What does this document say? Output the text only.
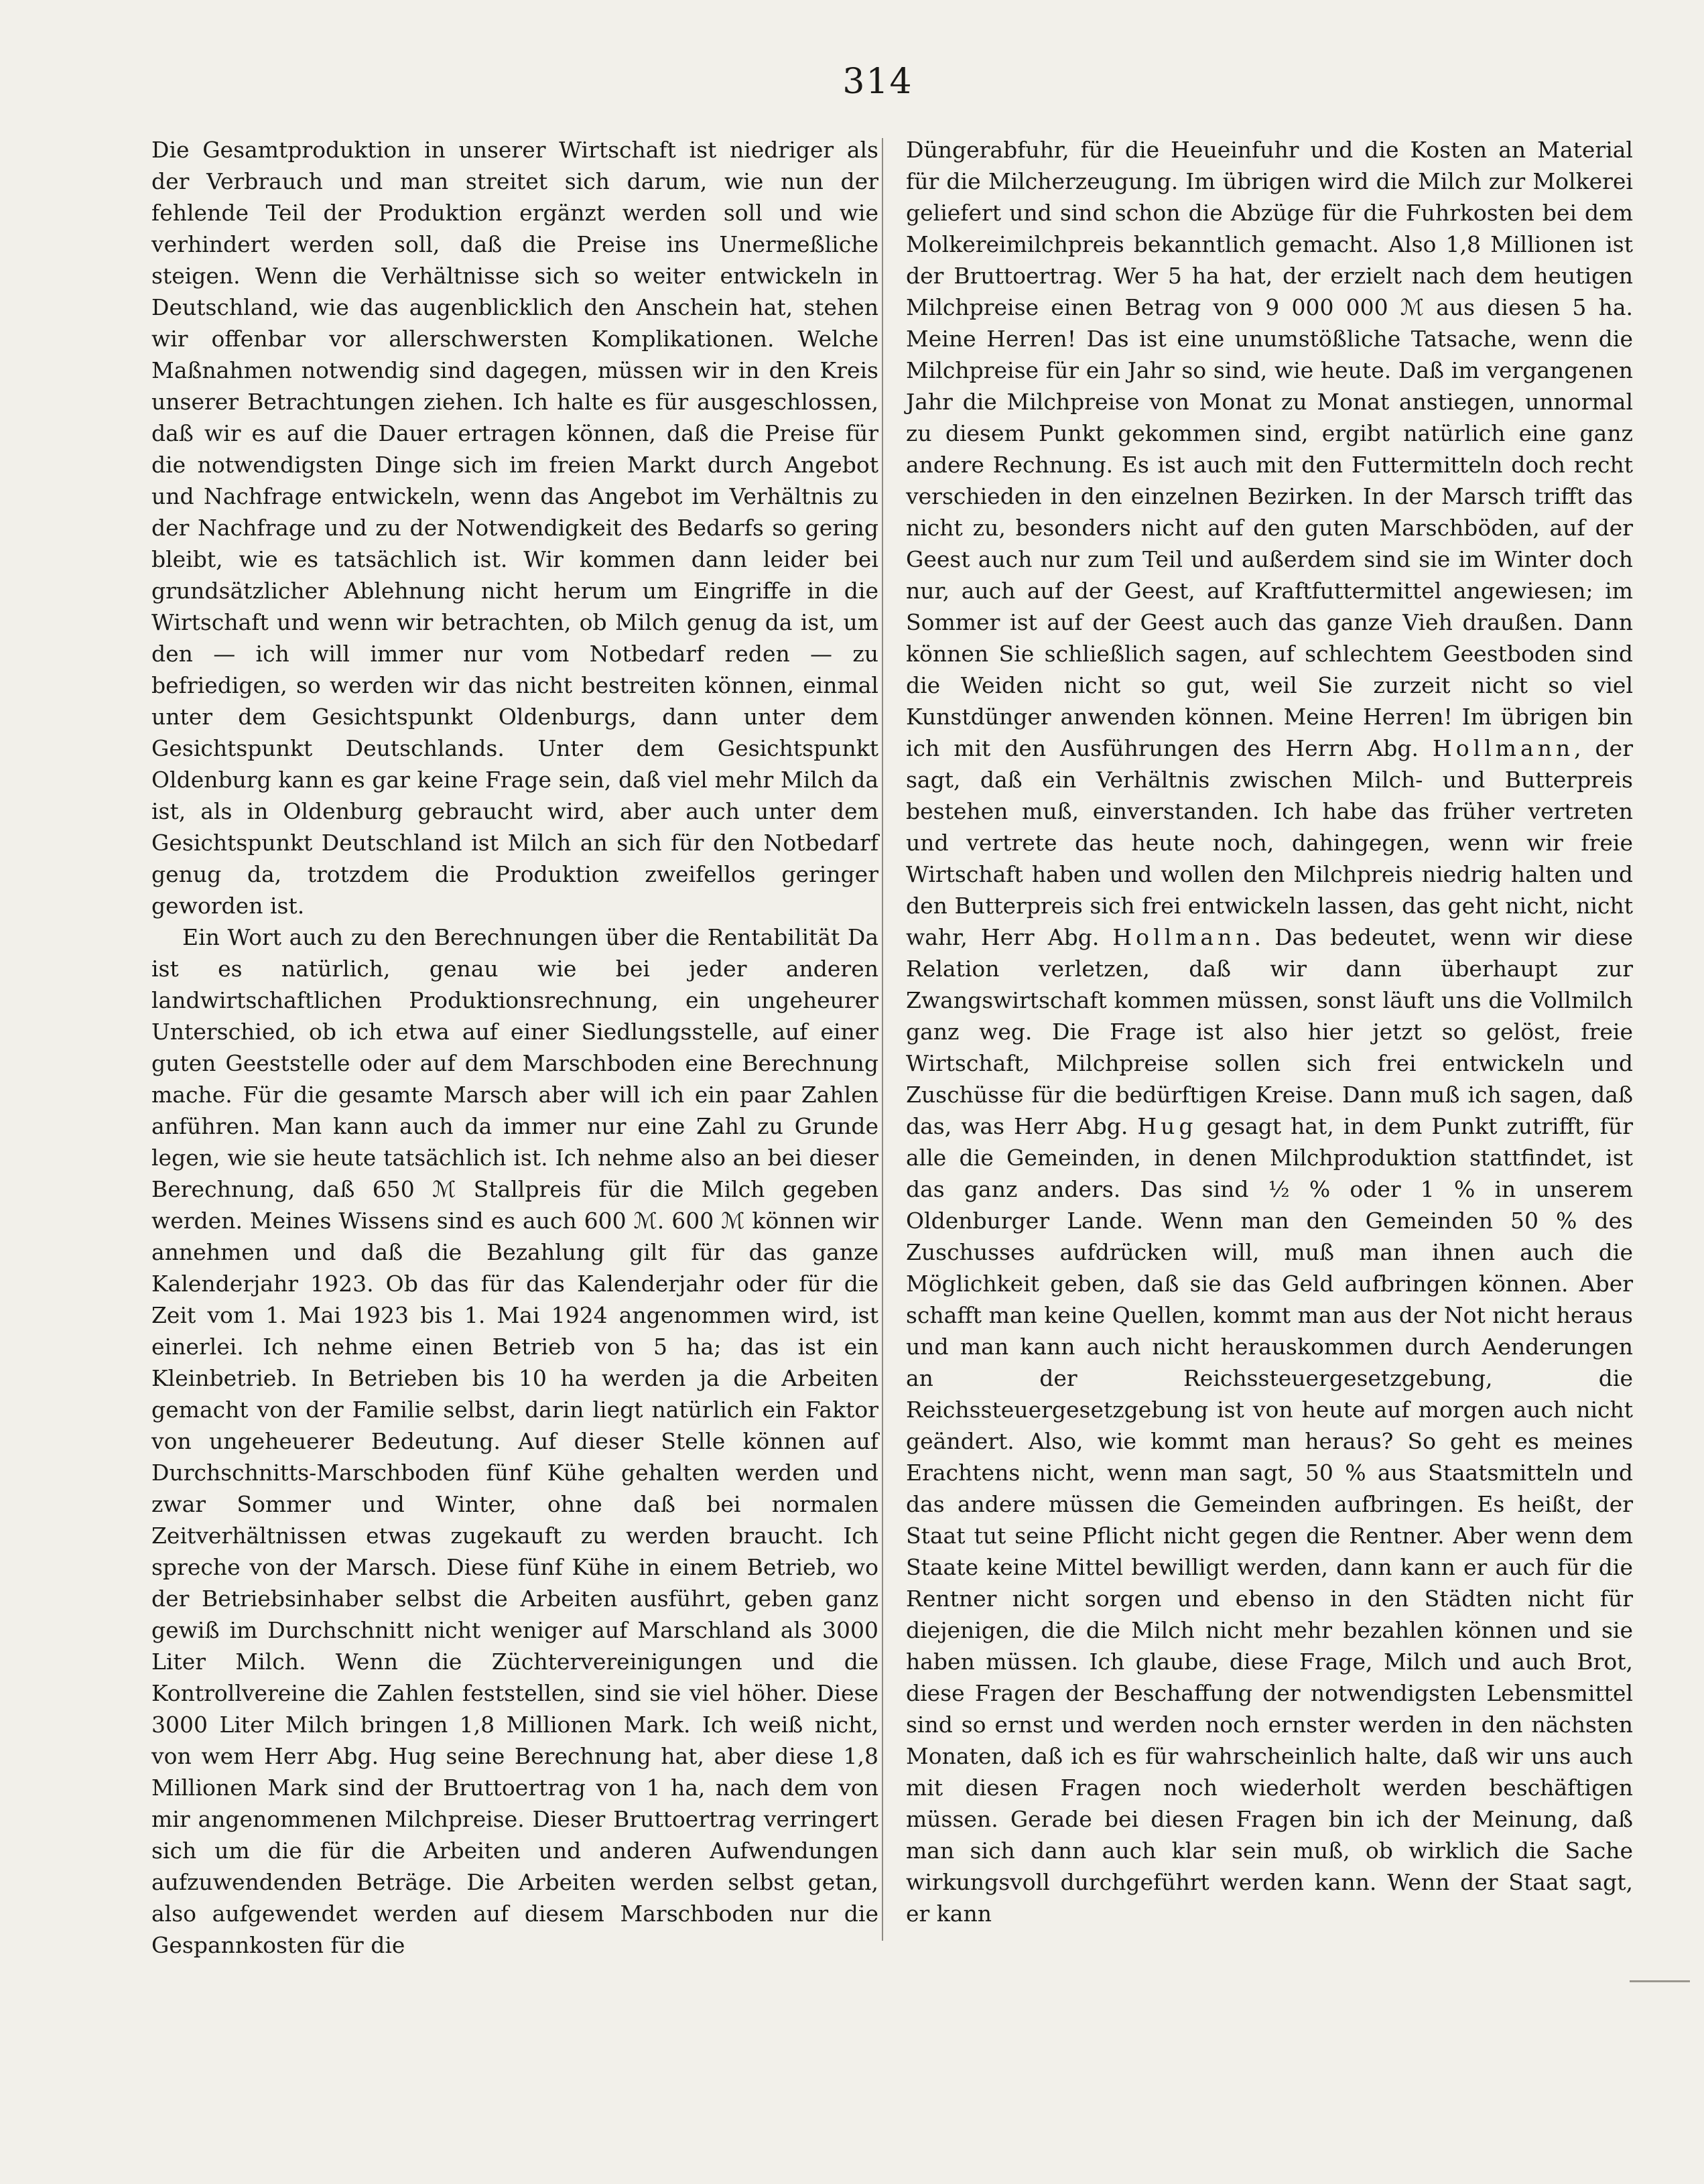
314

Die Gesamtproduktion in unserer Wirtschaft ist niedriger als der Verbrauch und man streitet sich darum, wie nun der fehlende Teil der Produktion ergänzt werden soll und wie verhindert werden soll, daß die Preise ins Unermeßliche steigen. Wenn die Verhältnisse sich so weiter entwickeln in Deutschland, wie das augenblicklich den Anschein hat, stehen wir offenbar vor allerschwersten Komplikationen. Welche Maßnahmen notwendig sind dagegen, müssen wir in den Kreis unserer Betrachtungen ziehen. Ich halte es für ausgeschlossen, daß wir es auf die Dauer ertragen können, daß die Preise für die notwendigsten Dinge sich im freien Markt durch Angebot und Nachfrage entwickeln, wenn das Angebot im Verhältnis zu der Nachfrage und zu der Notwendigkeit des Bedarfs so gering bleibt, wie es tatsächlich ist. Wir kommen dann leider bei grundsätzlicher Ablehnung nicht herum um Eingriffe in die Wirtschaft und wenn wir betrachten, ob Milch genug da ist, um den — ich will immer nur vom Notbedarf reden — zu befriedigen, so werden wir das nicht bestreiten können, einmal unter dem Gesichtspunkt Oldenburgs, dann unter dem Gesichtspunkt Deutschlands. Unter dem Gesichtspunkt Oldenburg kann es gar keine Frage sein, daß viel mehr Milch da ist, als in Oldenburg gebraucht wird, aber auch unter dem Gesichtspunkt Deutschland ist Milch an sich für den Notbedarf genug da, trotzdem die Produktion zweifellos geringer geworden ist.

Ein Wort auch zu den Berechnungen über die Rentabilität Da ist es natürlich, genau wie bei jeder anderen landwirtschaftlichen Produktionsrechnung, ein ungeheurer Unterschied, ob ich etwa auf einer Siedlungsstelle, auf einer guten Geeststelle oder auf dem Marschboden eine Berechnung mache. Für die gesamte Marsch aber will ich ein paar Zahlen anführen. Man kann auch da immer nur eine Zahl zu Grunde legen, wie sie heute tatsächlich ist. Ich nehme also an bei dieser Berechnung, daß 650 ℳ Stallpreis für die Milch gegeben werden. Meines Wissens sind es auch 600 ℳ. 600 ℳ können wir annehmen und daß die Bezahlung gilt für das ganze Kalenderjahr 1923. Ob das für das Kalenderjahr oder für die Zeit vom 1. Mai 1923 bis 1. Mai 1924 angenommen wird, ist einerlei. Ich nehme einen Betrieb von 5 ha; das ist ein Kleinbetrieb. In Betrieben bis 10 ha werden ja die Arbeiten gemacht von der Familie selbst, darin liegt natürlich ein Faktor von ungeheuerer Bedeutung. Auf dieser Stelle können auf Durchschnitts-Marschboden fünf Kühe gehalten werden und zwar Sommer und Winter, ohne daß bei normalen Zeitverhältnissen etwas zugekauft zu werden braucht. Ich spreche von der Marsch. Diese fünf Kühe in einem Betrieb, wo der Betriebsinhaber selbst die Arbeiten ausführt, geben ganz gewiß im Durchschnitt nicht weniger auf Marschland als 3000 Liter Milch. Wenn die Züchtervereinigungen und die Kontrollvereine die Zahlen feststellen, sind sie viel höher. Diese 3000 Liter Milch bringen 1,8 Millionen Mark. Ich weiß nicht, von wem Herr Abg. Hug seine Berechnung hat, aber diese 1,8 Millionen Mark sind der Bruttoertrag von 1 ha, nach dem von mir angenommenen Milchpreise. Dieser Bruttoertrag verringert sich um die für die Arbeiten und anderen Aufwendungen aufzuwendenden Beträge. Die Arbeiten werden selbst getan, also aufgewendet werden auf diesem Marschboden nur die Gespannkosten für die

Düngerabfuhr, für die Heueinfuhr und die Kosten an Material für die Milcherzeugung. Im übrigen wird die Milch zur Molkerei geliefert und sind schon die Abzüge für die Fuhrkosten bei dem Molkereimilchpreis bekanntlich gemacht. Also 1,8 Millionen ist der Bruttoertrag. Wer 5 ha hat, der erzielt nach dem heutigen Milchpreise einen Betrag von 9 000 000 ℳ aus diesen 5 ha. Meine Herren! Das ist eine unumstößliche Tatsache, wenn die Milchpreise für ein Jahr so sind, wie heute. Daß im vergangenen Jahr die Milchpreise von Monat zu Monat anstiegen, unnormal zu diesem Punkt gekommen sind, ergibt natürlich eine ganz andere Rechnung. Es ist auch mit den Futtermitteln doch recht verschieden in den einzelnen Bezirken. In der Marsch trifft das nicht zu, besonders nicht auf den guten Marschböden, auf der Geest auch nur zum Teil und außerdem sind sie im Winter doch nur, auch auf der Geest, auf Kraftfuttermittel angewiesen; im Sommer ist auf der Geest auch das ganze Vieh draußen. Dann können Sie schließlich sagen, auf schlechtem Geestboden sind die Weiden nicht so gut, weil Sie zurzeit nicht so viel Kunstdünger anwenden können. Meine Herren! Im übrigen bin ich mit den Ausführungen des Herrn Abg. Hollmann, der sagt, daß ein Verhältnis zwischen Milch- und Butterpreis bestehen muß, einverstanden. Ich habe das früher vertreten und vertrete das heute noch, dahingegen, wenn wir freie Wirtschaft haben und wollen den Milchpreis niedrig halten und den Butterpreis sich frei entwickeln lassen, das geht nicht, nicht wahr, Herr Abg. Hollmann. Das bedeutet, wenn wir diese Relation verletzen, daß wir dann überhaupt zur Zwangswirtschaft kommen müssen, sonst läuft uns die Vollmilch ganz weg. Die Frage ist also hier jetzt so gelöst, freie Wirtschaft, Milchpreise sollen sich frei entwickeln und Zuschüsse für die bedürftigen Kreise. Dann muß ich sagen, daß das, was Herr Abg. Hug gesagt hat, in dem Punkt zutrifft, für alle die Gemeinden, in denen Milchproduktion stattfindet, ist das ganz anders. Das sind ½ % oder 1 % in unserem Oldenburger Lande. Wenn man den Gemeinden 50 % des Zuschusses aufdrücken will, muß man ihnen auch die Möglichkeit geben, daß sie das Geld aufbringen können. Aber schafft man keine Quellen, kommt man aus der Not nicht heraus und man kann auch nicht herauskommen durch Aenderungen an der Reichssteuergesetzgebung, die Reichssteuergesetzgebung ist von heute auf morgen auch nicht geändert. Also, wie kommt man heraus? So geht es meines Erachtens nicht, wenn man sagt, 50 % aus Staatsmitteln und das andere müssen die Gemeinden aufbringen. Es heißt, der Staat tut seine Pflicht nicht gegen die Rentner. Aber wenn dem Staate keine Mittel bewilligt werden, dann kann er auch für die Rentner nicht sorgen und ebenso in den Städten nicht für diejenigen, die die Milch nicht mehr bezahlen können und sie haben müssen. Ich glaube, diese Frage, Milch und auch Brot, diese Fragen der Beschaffung der notwendigsten Lebensmittel sind so ernst und werden noch ernster werden in den nächsten Monaten, daß ich es für wahrscheinlich halte, daß wir uns auch mit diesen Fragen noch wiederholt werden beschäftigen müssen. Gerade bei diesen Fragen bin ich der Meinung, daß man sich dann auch klar sein muß, ob wirklich die Sache wirkungsvoll durchgeführt werden kann. Wenn der Staat sagt, er kann
